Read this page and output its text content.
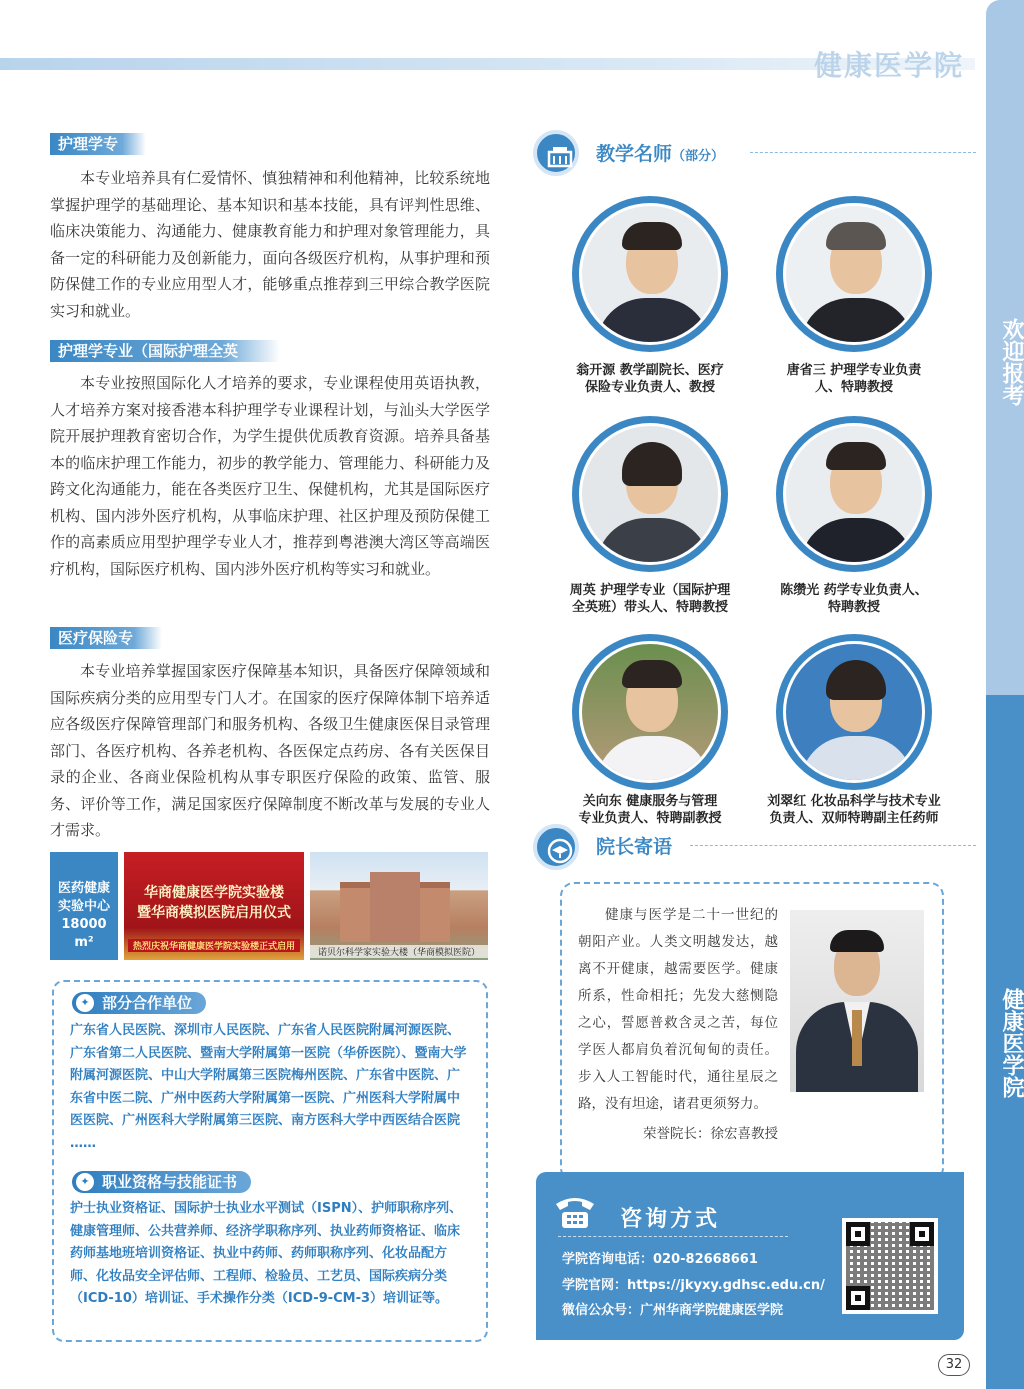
健康医学院
欢迎报考
健康医学院
护理学专业：
本专业培养具有仁爱情怀、慎独精神和利他精神，比较系统地掌握护理学的基础理论、基本知识和基本技能，具有评判性思维、临床决策能力、沟通能力、健康教育能力和护理对象管理能力，具备一定的科研能力及创新能力，面向各级医疗机构，从事护理和预防保健工作的专业应用型人才，能够重点推荐到三甲综合教学医院实习和就业。
护理学专业（国际护理全英班）：
本专业按照国际化人才培养的要求，专业课程使用英语执教，人才培养方案对接香港本科护理学专业课程计划，与汕头大学医学院开展护理教育密切合作，为学生提供优质教育资源。培养具备基本的临床护理工作能力，初步的教学能力、管理能力、科研能力及跨文化沟通能力，能在各类医疗卫生、保健机构，尤其是国际医疗机构、国内涉外医疗机构，从事临床护理、社区护理及预防保健工作的高素质应用型护理学专业人才，推荐到粤港澳大湾区等高端医疗机构，国际医疗机构、国内涉外医疗机构等实习和就业。
医疗保险专业：
本专业培养掌握国家医疗保障基本知识，具备医疗保障领域和国际疾病分类的应用型专门人才。在国家的医疗保障体制下培养适应各级医疗保障管理部门和服务机构、各级卫生健康医保目录管理部门、各医疗机构、各养老机构、各医保定点药房、各有关医保目录的企业、各商业保险机构从事专职医疗保险的政策、监管、服务、评价等工作，满足国家医疗保障制度不断改革与发展的专业人才需求。
医药健康
实验中心
18000 m²
华商健康医学院实验楼
暨华商模拟医院启用仪式
热烈庆祝华商健康医学院实验楼正式启用
诺贝尔科学家实验大楼（华商模拟医院）
✦ 部分合作单位
广东省人民医院、深圳市人民医院、广东省人民医院附属河源医院、广东省第二人民医院、暨南大学附属第一医院（华侨医院）、暨南大学附属河源医院、中山大学附属第三医院梅州医院、广东省中医院、广东省中医二院、广州中医药大学附属第一医院、广州医科大学附属中医医院、广州医科大学附属第三医院、南方医科大学中西医结合医院 ……
✦ 职业资格与技能证书
护士执业资格证、国际护士执业水平测试（ISPN）、护师职称序列、健康管理师、公共营养师、经济学职称序列、执业药师资格证、临床药师基地班培训资格证、执业中药师、药师职称序列、化妆品配方师、化妆品安全评估师、工程师、检验员、工艺员、国际疾病分类（ICD-10）培训证、手术操作分类（ICD-9-CM-3）培训证等。
教学名师（部分）
翁开源 教学副院长、医疗
保险专业负责人、教授
唐省三 护理学专业负责
人、特聘教授
周英 护理学专业（国际护理
全英班）带头人、特聘教授
陈缵光 药学专业负责人、
特聘教授
关向东 健康服务与管理
专业负责人、特聘副教授
刘翠红 化妆品科学与技术专业
负责人、双师特聘副主任药师
院长寄语
健康与医学是二十一世纪的朝阳产业。人类文明越发达，越离不开健康，越需要医学。健康所系，性命相托；先发大慈恻隐之心，誓愿普救含灵之苦，每位学医人都肩负着沉甸甸的责任。步入人工智能时代，通往星辰之路，没有坦途，诸君更须努力。
荣誉院长：徐宏喜教授
咨询方式
学院咨询电话：020-82668661
学院官网：https://jkyxy.gdhsc.edu.cn/
微信公众号：广州华商学院健康医学院
32
